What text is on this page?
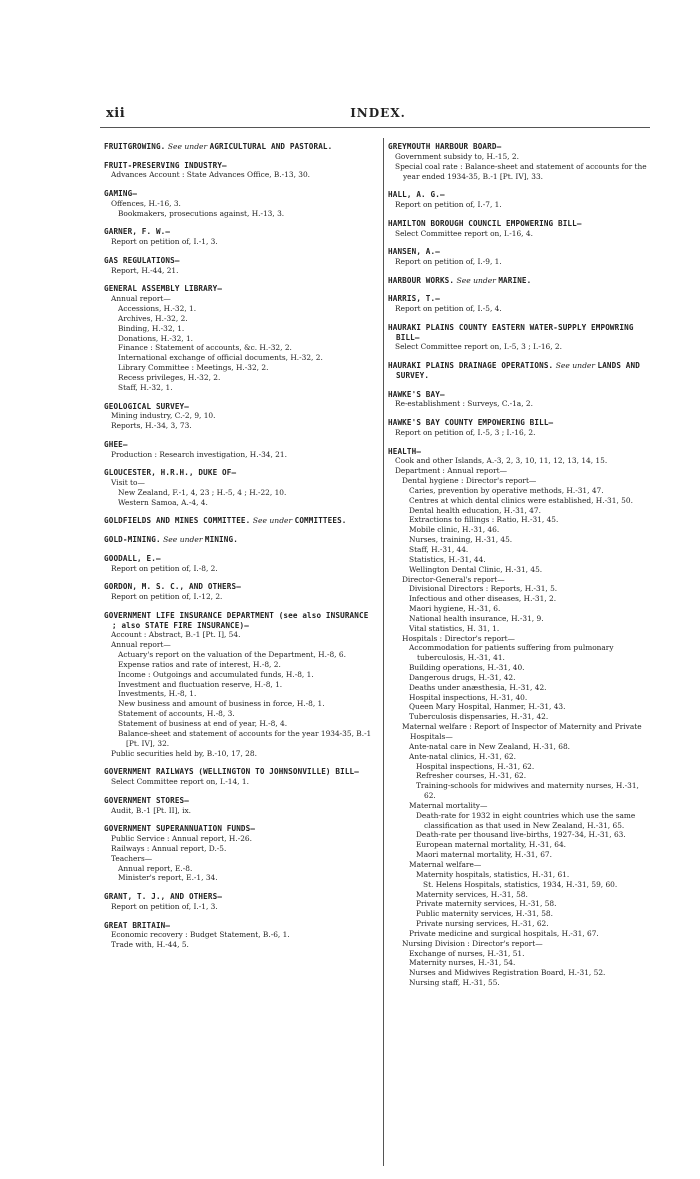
xii	INDEX.
FRUITGROWING. See under AGRICULTURAL AND PASTORAL.
FRUIT-PRESERVING INDUSTRY—
Advances Account : State Advances Office, B.-13, 30.
GAMING—
Offences, H.-16, 3.
Bookmakers, prosecutions against, H.-13, 3.
GARNER, F. W.—
Report on petition of, I.-1, 3.
GAS REGULATIONS—
Report, H.-44, 21.
GENERAL ASSEMBLY LIBRARY—
Annual report—
Accessions, H.-32, 1.
Archives, H.-32, 2.
Binding, H.-32, 1.
Donations, H.-32, 1.
Finance : Statement of accounts, &c. H.-32, 2.
International exchange of official documents, H.-32, 2.
Library Committee : Meetings, H.-32, 2.
Recess privileges, H.-32, 2.
Staff, H.-32, 1.
GEOLOGICAL SURVEY—
Mining industry, C.-2, 9, 10.
Reports, H.-34, 3, 73.
GHEE—
Production : Research investigation, H.-34, 21.
GLOUCESTER, H.R.H., DUKE OF—
Visit to—
New Zealand, F.-1, 4, 23 ; H.-5, 4 ; H.-22, 10.
Western Samoa, A.-4, 4.
GOLDFIELDS AND MINES COMMITTEE. See under COMMITTEES.
GOLD-MINING. See under MINING.
GOODALL, E.—
Report on petition of, I.-8, 2.
GORDON, M. S. C., AND OTHERS—
Report on petition of, I.-12, 2.
GOVERNMENT LIFE INSURANCE DEPARTMENT (see also INSURANCE ; also STATE FIRE INSURANCE)—
Account : Abstract, B.-1 [Pt. I], 54.
Annual report—
Actuary's report on the valuation of the Department, H.-8, 6.
Expense ratios and rate of interest, H.-8, 2.
Income : Outgoings and accumulated funds, H.-8, 1.
Investment and fluctuation reserve, H.-8, 1.
Investments, H.-8, 1.
New business and amount of business in force, H.-8, 1.
Statement of accounts, H.-8, 3.
Statement of business at end of year, H.-8, 4.
Balance-sheet and statement of accounts for the year 1934-35, B.-1 [Pt. IV], 32.
Public securities held by, B.-10, 17, 28.
GOVERNMENT RAILWAYS (WELLINGTON TO JOHNSONVILLE) BILL—
Select Committee report on, I.-14, 1.
GOVERNMENT STORES—
Audit, B.-1 [Pt. II], ix.
GOVERNMENT SUPERANNUATION FUNDS—
Public Service : Annual report, H.-26.
Railways : Annual report, D.-5.
Teachers—
Annual report, E.-8.
Minister's report, E.-1, 34.
GRANT, T. J., AND OTHERS—
Report on petition of, I.-1, 3.
GREAT BRITAIN—
Economic recovery : Budget Statement, B.-6, 1.
Trade with, H.-44, 5.
GREYMOUTH HARBOUR BOARD—
Government subsidy to, H.-15, 2.
Special coal rate : Balance-sheet and statement of accounts for the year ended 1934-35, B.-1 [Pt. IV], 33.
HALL, A. G.—
Report on petition of, I.-7, 1.
HAMILTON BOROUGH COUNCIL EMPOWERING BILL—
Select Committee report on, I.-16, 4.
HANSEN, A.—
Report on petition of, I.-9, 1.
HARBOUR WORKS. See under MARINE.
HARRIS, T.—
Report on petition of, I.-5, 4.
HAURAKI PLAINS COUNTY EASTERN WATER-SUPPLY EMPOWRING BILL—
Select Committee report on, I.-5, 3 ; I.-16, 2.
HAURAKI PLAINS DRAINAGE OPERATIONS. See under LANDS AND SURVEY.
HAWKE'S BAY—
Re-establishment : Surveys, C.-1a, 2.
HAWKE'S BAY COUNTY EMPOWERING BILL—
Report on petition of, I.-5, 3 ; I.-16, 2.
HEALTH—
Cook and other Islands, A.-3, 2, 3, 10, 11, 12, 13, 14, 15.
Department : Annual report—
Dental hygiene : Director's report—
Caries, prevention by operative methods, H.-31, 47.
Centres at which dental clinics were established, H.-31, 50.
Dental health education, H.-31, 47.
Extractions to fillings : Ratio, H.-31, 45.
Mobile clinic, H.-31, 46.
Nurses, training, H.-31, 45.
Staff, H.-31, 44.
Statistics, H.-31, 44.
Wellington Dental Clinic, H.-31, 45.
Director-General's report—
Divisional Directors : Reports, H.-31, 5.
Infectious and other diseases, H.-31, 2.
Maori hygiene, H.-31, 6.
National health insurance, H.-31, 9.
Vital statistics, H. 31, 1.
Hospitals : Director's report—
Accommodation for patients suffering from pulmonary tuberculosis, H.-31, 41.
Building operations, H.-31, 40.
Dangerous drugs, H.-31, 42.
Deaths under anæsthesia, H.-31, 42.
Hospital inspections, H.-31, 40.
Queen Mary Hospital, Hanmer, H.-31, 43.
Tuberculosis dispensaries, H.-31, 42.
Maternal welfare : Report of Inspector of Maternity and Private Hospitals—
Ante-natal care in New Zealand, H.-31, 68.
Ante-natal clinics, H.-31, 62.
Hospital inspections, H.-31, 62.
Refresher courses, H.-31, 62.
Training-schools for midwives and maternity nurses, H.-31, 62.
Maternal mortality—
Death-rate for 1932 in eight countries which use the same classification as that used in New Zealand, H.-31, 65.
Death-rate per thousand live-births, 1927-34, H.-31, 63.
European maternal mortality, H.-31, 64.
Maori maternal mortality, H.-31, 67.
Maternal welfare—
Maternity hospitals, statistics, H.-31, 61.
St. Helens Hospitals, statistics, 1934, H.-31, 59, 60.
Maternity services, H.-31, 58.
Private maternity services, H.-31, 58.
Public maternity services, H.-31, 58.
Private nursing services, H.-31, 62.
Private medicine and surgical hospitals, H.-31, 67.
Nursing Division : Director's report—
Exchange of nurses, H.-31, 51.
Maternity nurses, H.-31, 54.
Nurses and Midwives Registration Board, H.-31, 52.
Nursing staff, H.-31, 55.
